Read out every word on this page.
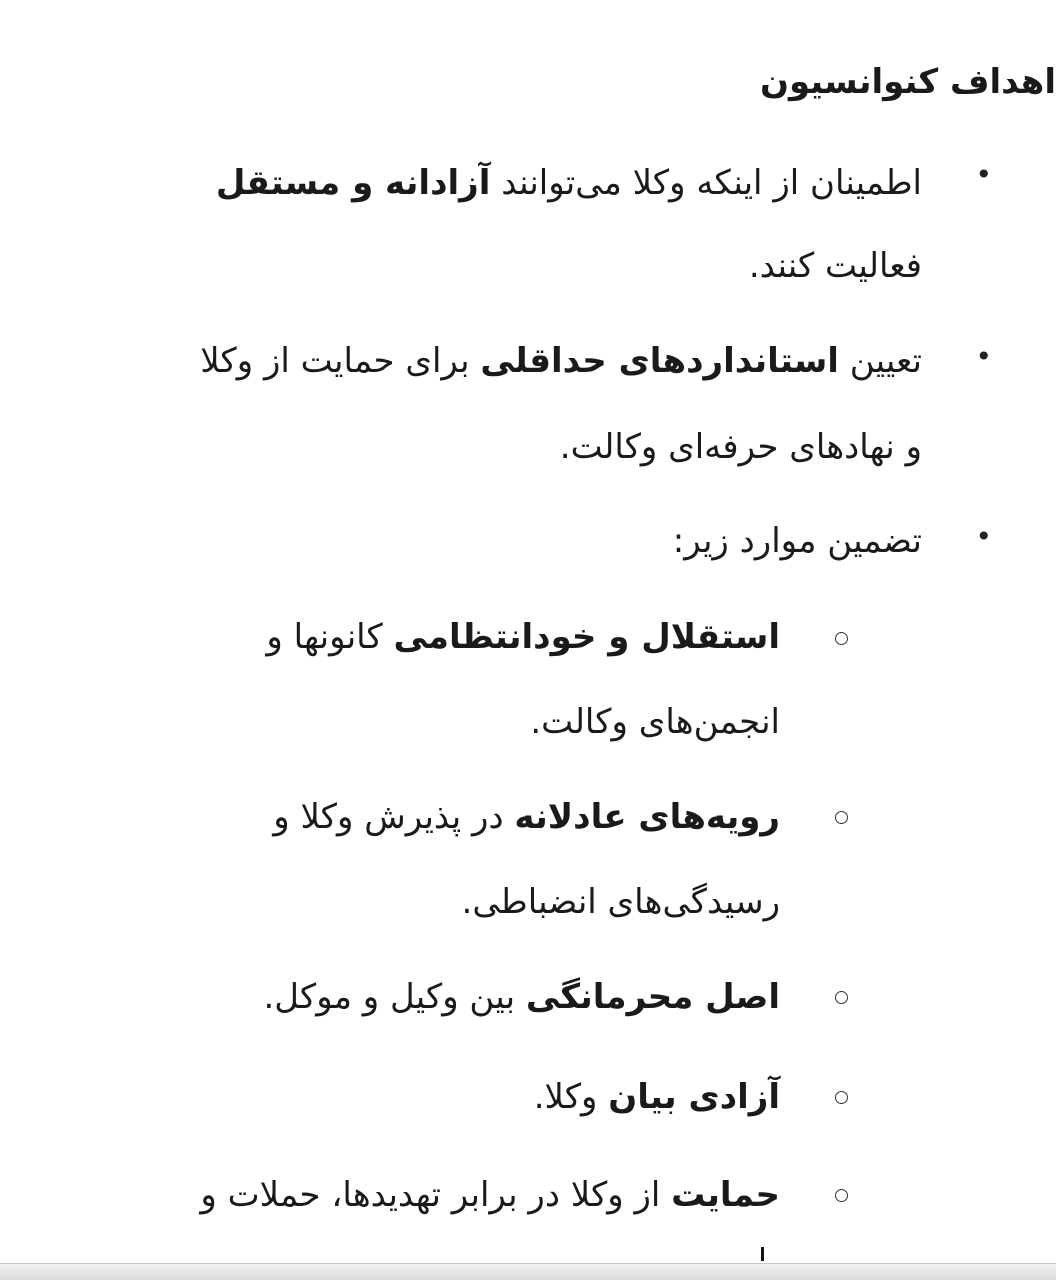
اهداف کنوانسیون
•
اطمینان از اینکه وکلا می‌توانند آزادانه و مستقل
فعالیت کنند.
•
تعیین استانداردهای حداقلی برای حمایت از وکلا
و نهادهای حرفه‌ای وکالت.
•
تضمین موارد زیر:
استقلال و خودانتظامی کانونها و
انجمن‌های وکالت.
رویه‌های عادلانه در پذیرش وکلا و
رسیدگی‌های انضباطی.
اصل محرمانگی بین وکیل و موکل.
آزادی بیان وکلا.
حمایت از وکلا در برابر تهدیدها، حملات و
